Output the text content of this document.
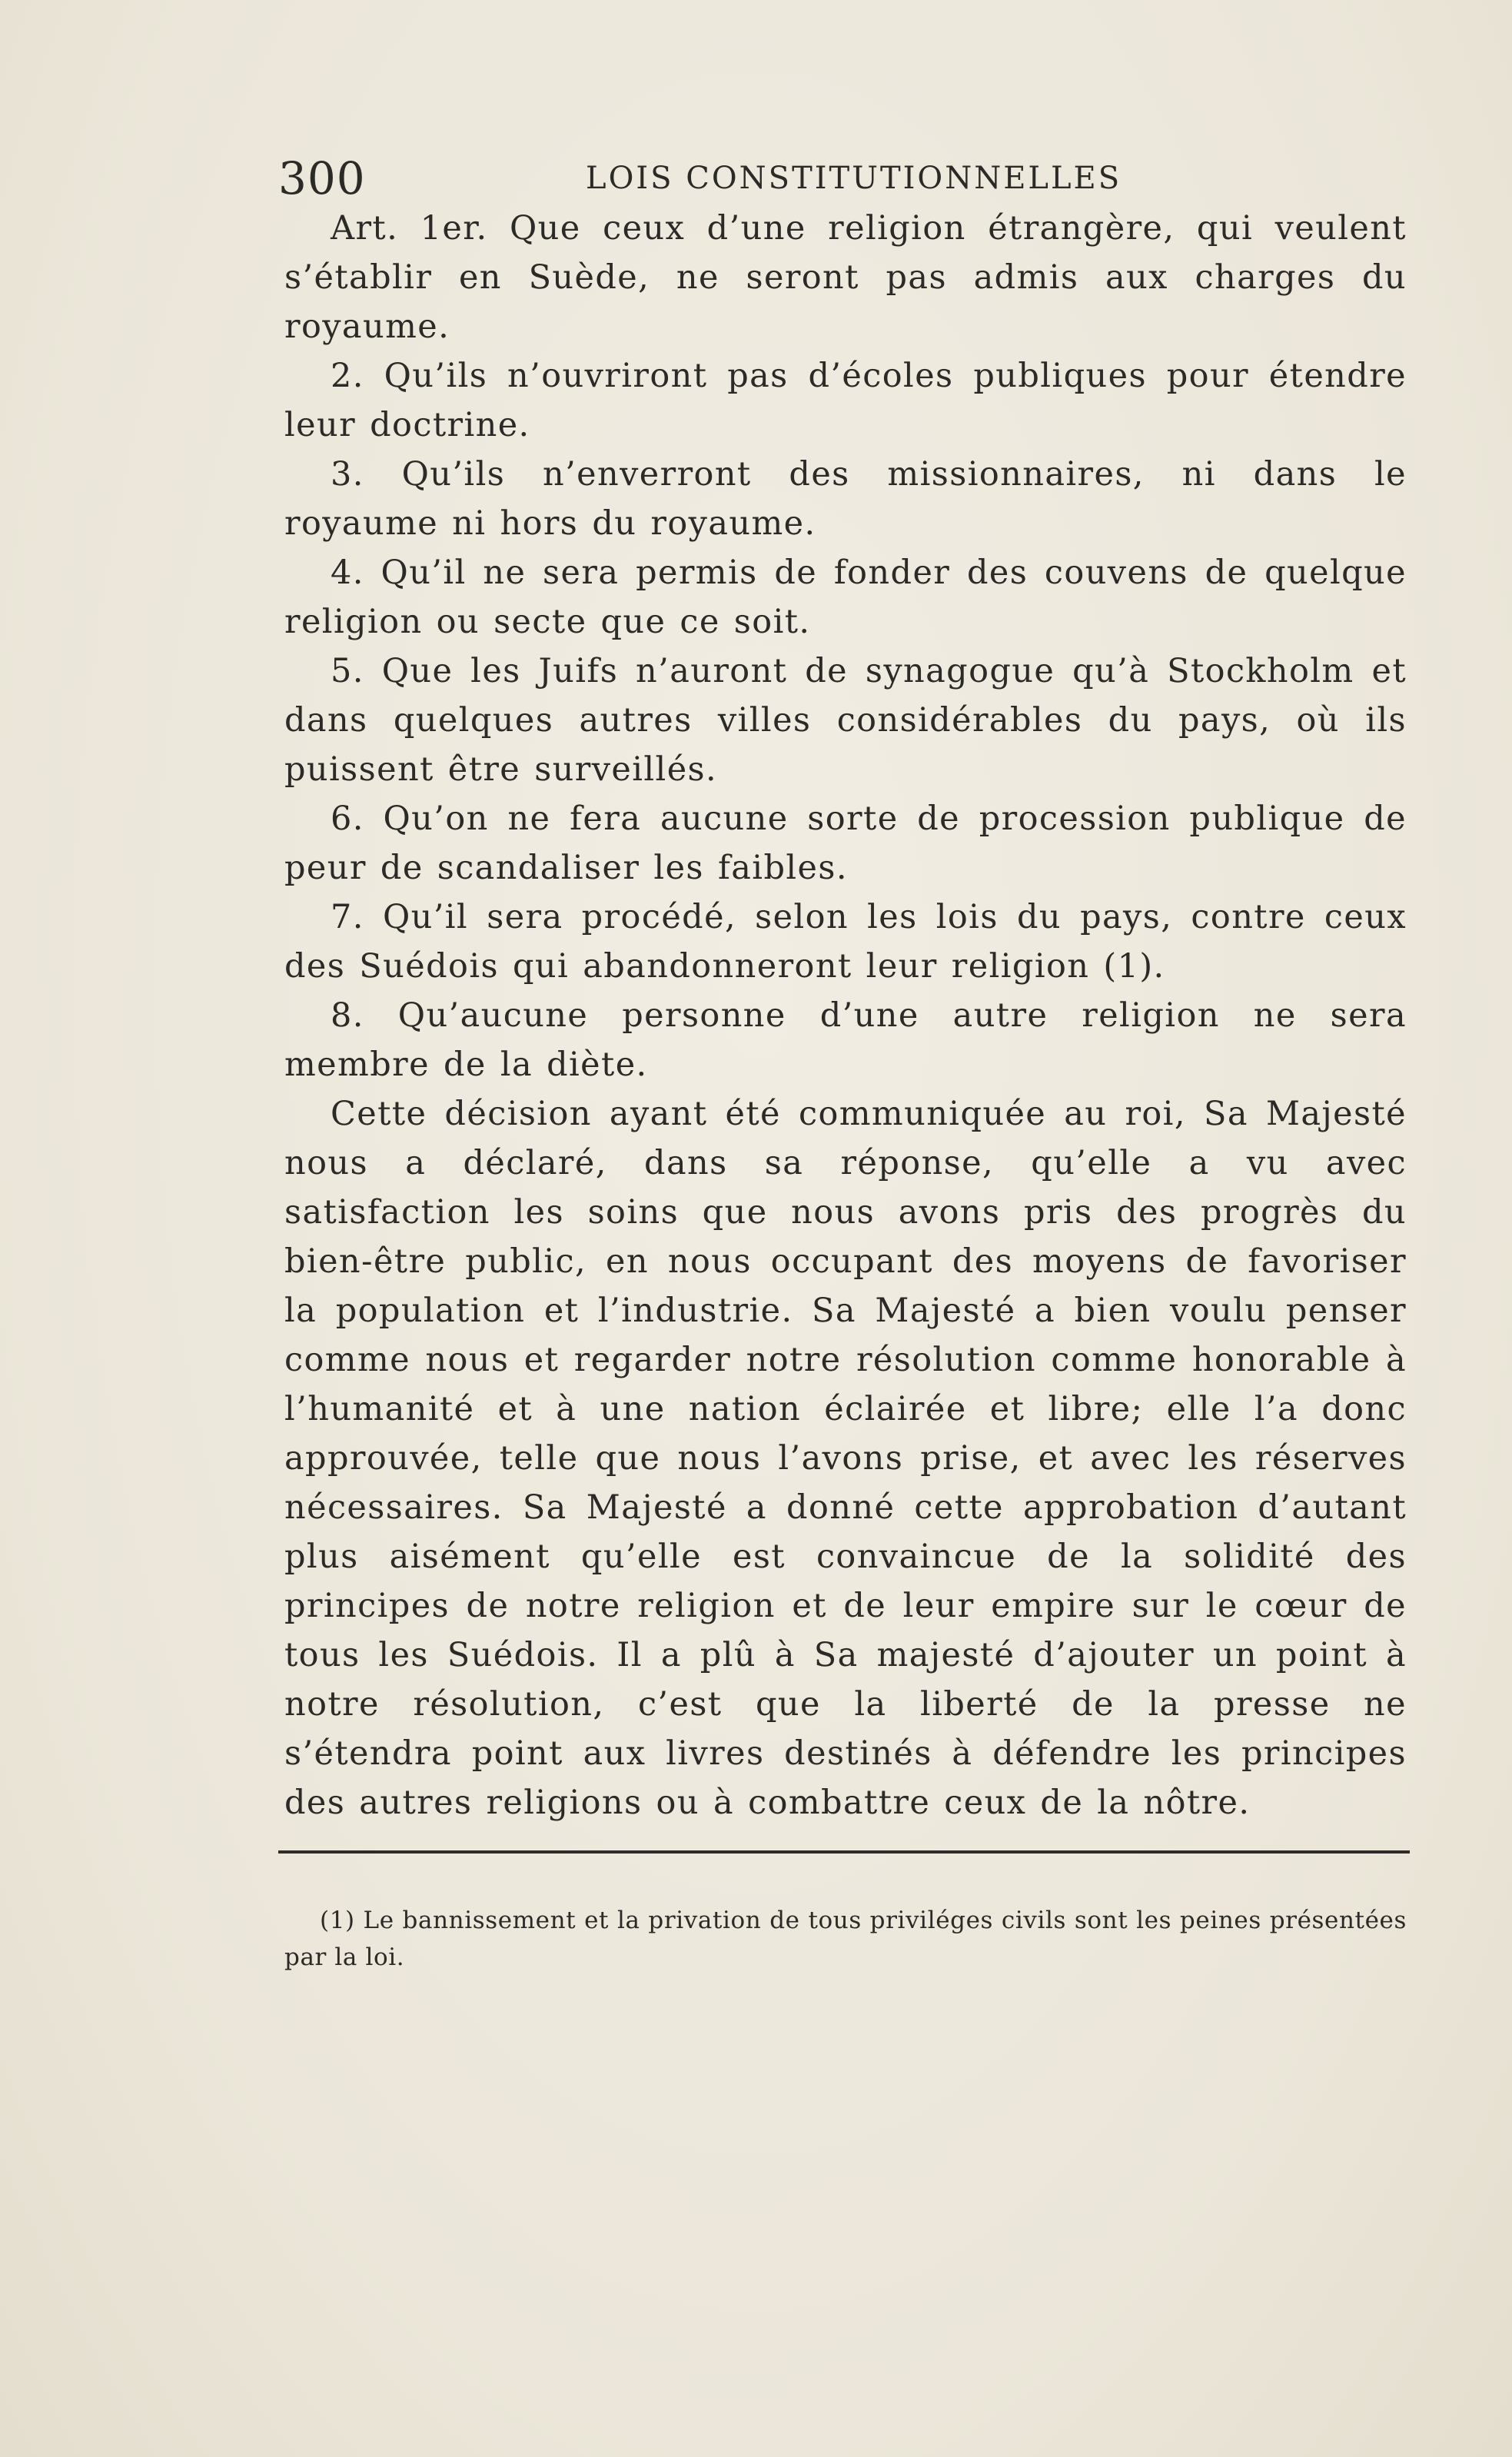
300	LOIS CONSTITUTIONNELLES

Art. 1er. Que ceux d’une religion étrangère, qui veulent s’établir en Suède, ne seront pas admis aux charges du royaume.

2. Qu’ils n’ouvriront pas d’écoles publiques pour étendre leur doctrine.

3. Qu’ils n’enverront des missionnaires, ni dans le royaume ni hors du royaume.

4. Qu’il ne sera permis de fonder des couvens de quelque religion ou secte que ce soit.

5. Que les Juifs n’auront de synagogue qu’à Stockholm et dans quelques autres villes considérables du pays, où ils puissent être surveillés.

6. Qu’on ne fera aucune sorte de procession publique de peur de scandaliser les faibles.

7. Qu’il sera procédé, selon les lois du pays, contre ceux des Suédois qui abandonneront leur religion (1).

8. Qu’aucune personne d’une autre religion ne sera membre de la diète.

Cette décision ayant été communiquée au roi, Sa Majesté nous a déclaré, dans sa réponse, qu’elle a vu avec satisfaction les soins que nous avons pris des progrès du bien-être public, en nous occupant des moyens de favoriser la population et l’industrie. Sa Majesté a bien voulu penser comme nous et regarder notre résolution comme honorable à l’humanité et à une nation éclairée et libre; elle l’a donc approuvée, telle que nous l’avons prise, et avec les réserves nécessaires. Sa Majesté a donné cette approbation d’autant plus aisément qu’elle est convaincue de la solidité des principes de notre religion et de leur empire sur le cœur de tous les Suédois. Il a plû à Sa majesté d’ajouter un point à notre résolution, c’est que la liberté de la presse ne s’étendra point aux livres destinés à défendre les principes des autres religions ou à combattre ceux de la nôtre.

(1) Le bannissement et la privation de tous priviléges civils sont les peines présentées par la loi.
